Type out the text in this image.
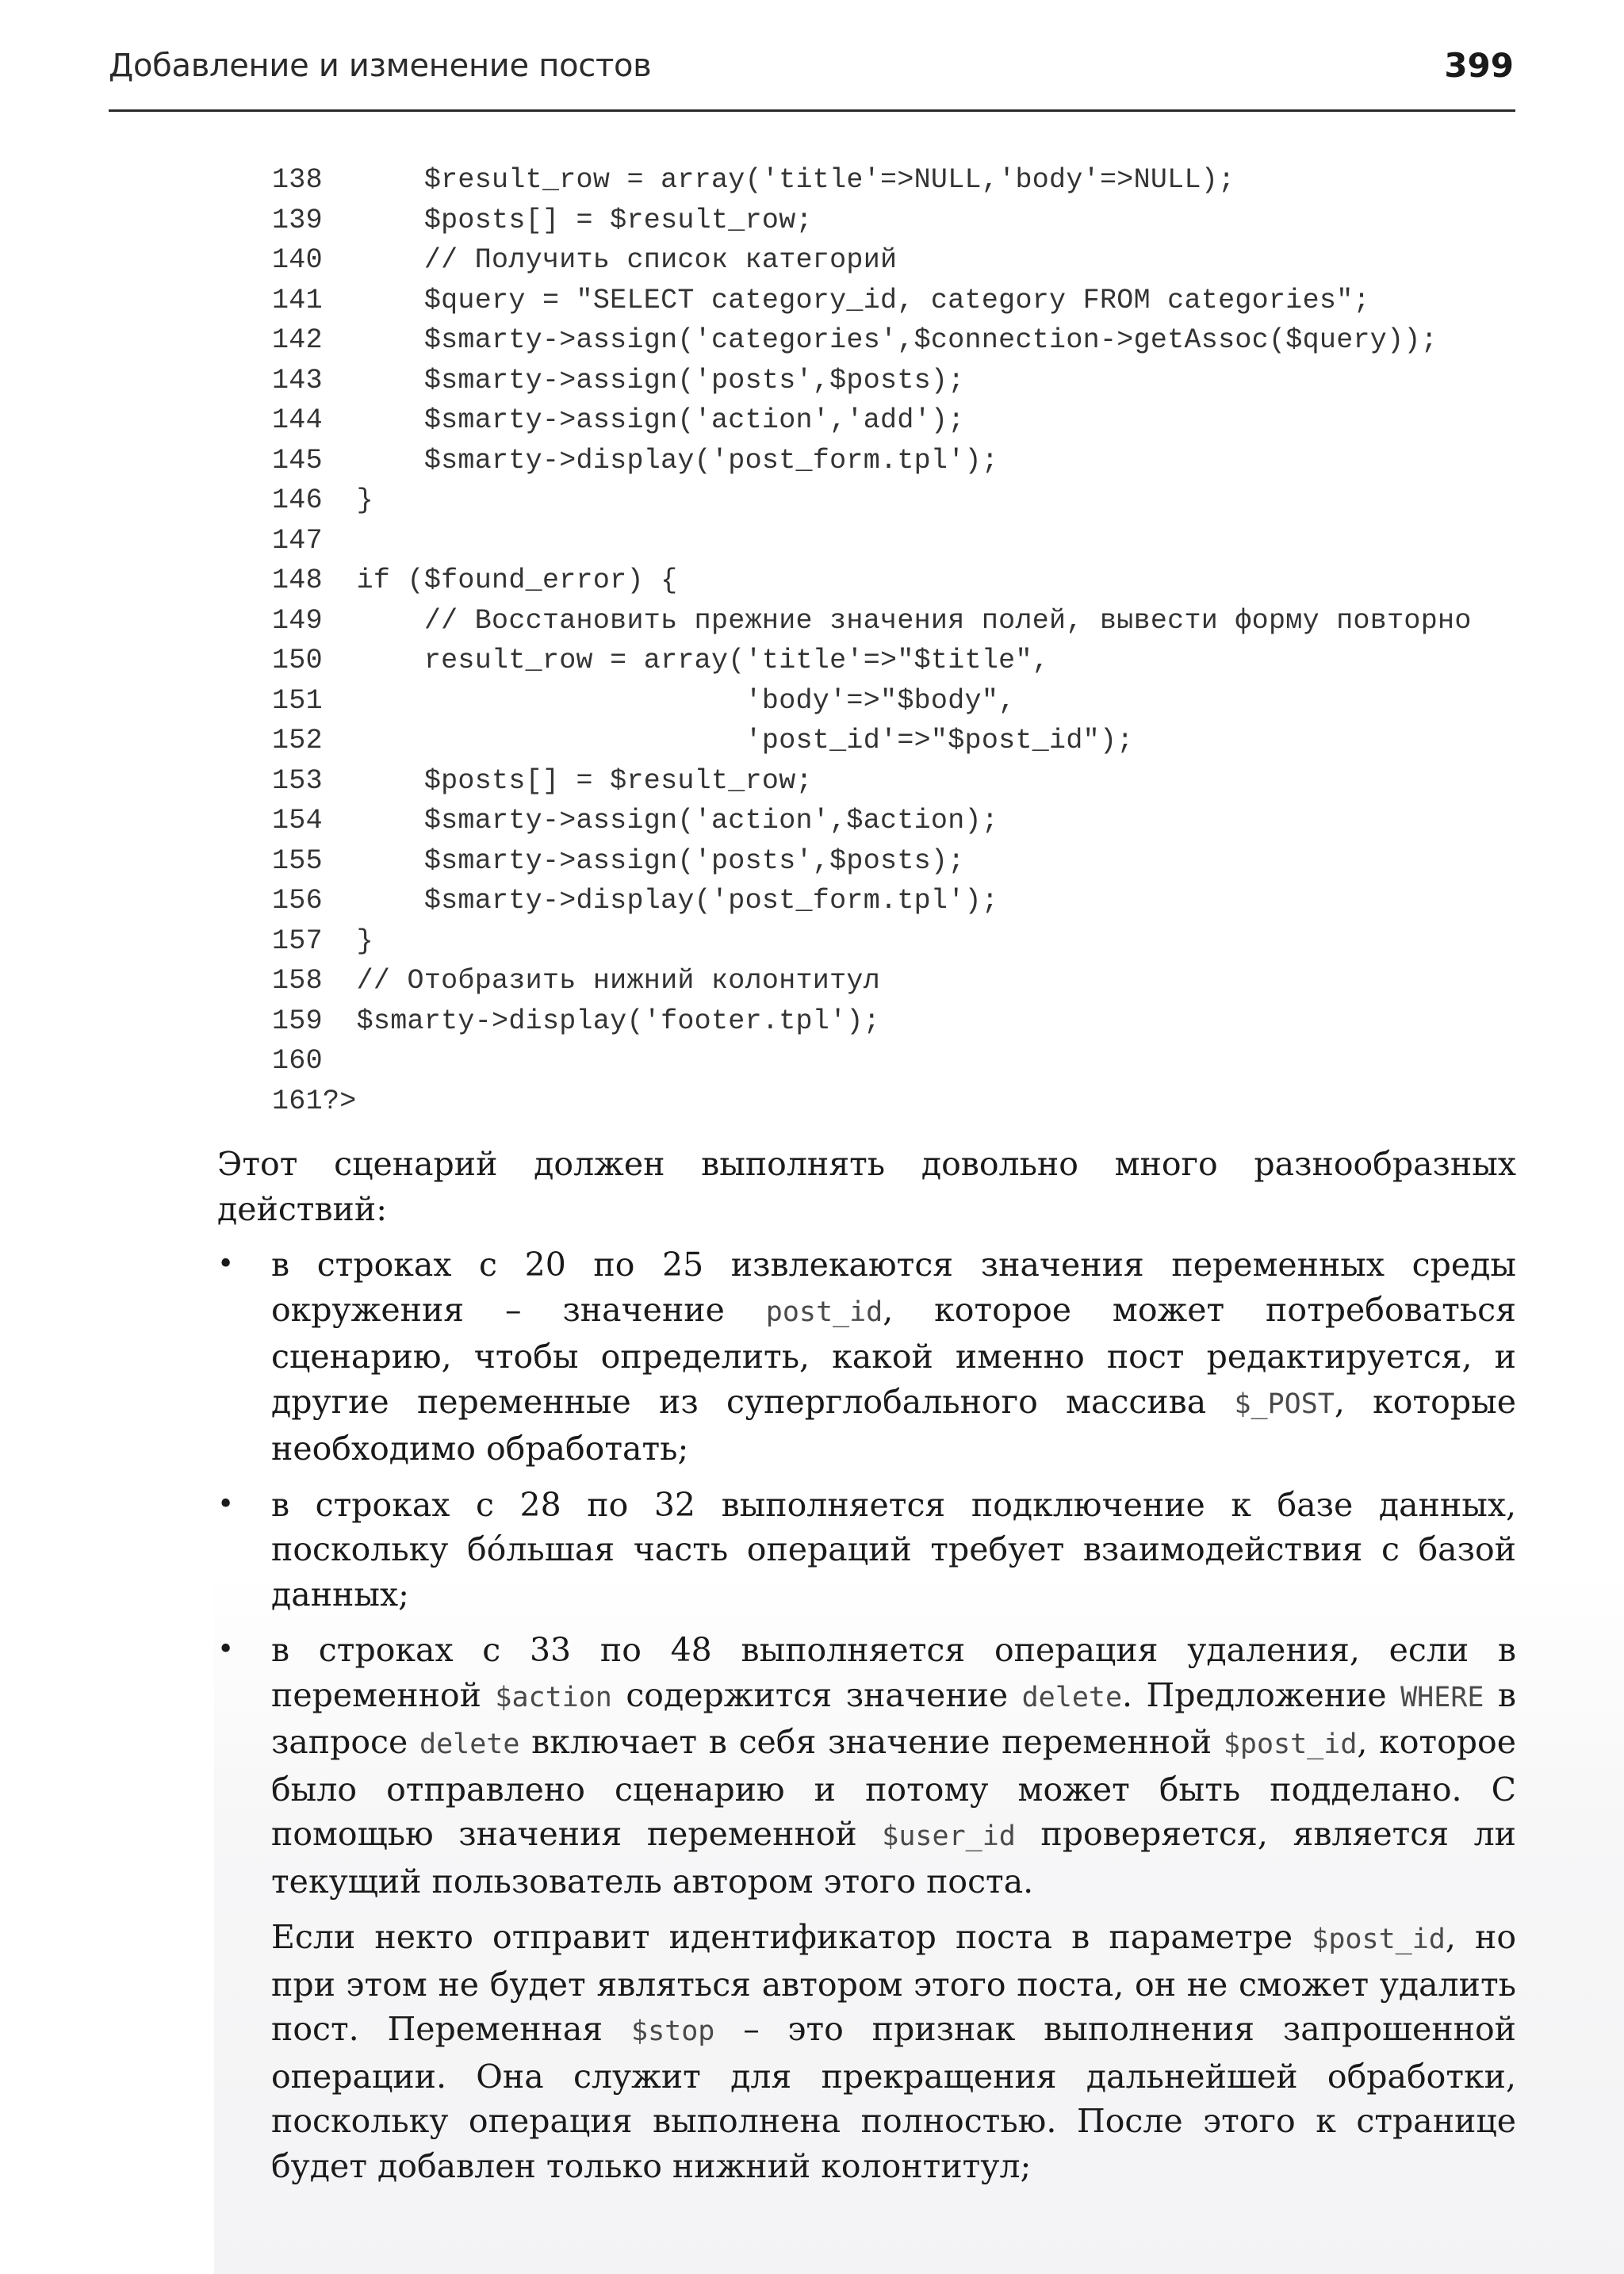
Добавление и изменение постов	399
138      $result_row = array('title'=>NULL,'body'=>NULL);
139      $posts[] = $result_row;
140      // Получить список категорий
141      $query = "SELECT category_id, category FROM categories";
142      $smarty->assign('categories',$connection->getAssoc($query));
143      $smarty->assign('posts',$posts);
144      $smarty->assign('action','add');
145      $smarty->display('post_form.tpl');
146  }
147
148  if ($found_error) {
149      // Восстановить прежние значения полей, вывести форму повторно
150      result_row = array('title'=>"$title",
151                         'body'=>"$body",
152                         'post_id'=>"$post_id");
153      $posts[] = $result_row;
154      $smarty->assign('action',$action);
155      $smarty->assign('posts',$posts);
156      $smarty->display('post_form.tpl');
157  }
158  // Отобразить нижний колонтитул
159  $smarty->display('footer.tpl');
160
161?>

Этот сценарий должен выполнять довольно много разнообразных действий:

•	в строках с 20 по 25 извлекаются значения переменных среды окружения – значение post_id, которое может потребоваться сценарию, чтобы определить, какой именно пост редактируется, и другие переменные из суперглобального массива $_POST, которые необходимо обработать;
•	в строках с 28 по 32 выполняется подключение к базе данных, поскольку бóльшая часть операций требует взаимодействия с базой данных;
•	в строках с 33 по 48 выполняется операция удаления, если в переменной $action содержится значение delete. Предложение WHERE в запросе delete включает в себя значение переменной $post_id, которое было отправлено сценарию и потому может быть подделано. С помощью значения переменной $user_id проверяется, является ли текущий пользователь автором этого поста.

Если некто отправит идентификатор поста в параметре $post_id, но при этом не будет являться автором этого поста, он не сможет удалить пост. Переменная $stop – это признак выполнения запрошенной операции. Она служит для прекращения дальнейшей обработки, поскольку операция выполнена полностью. После этого к странице будет добавлен только нижний колонтитул;
